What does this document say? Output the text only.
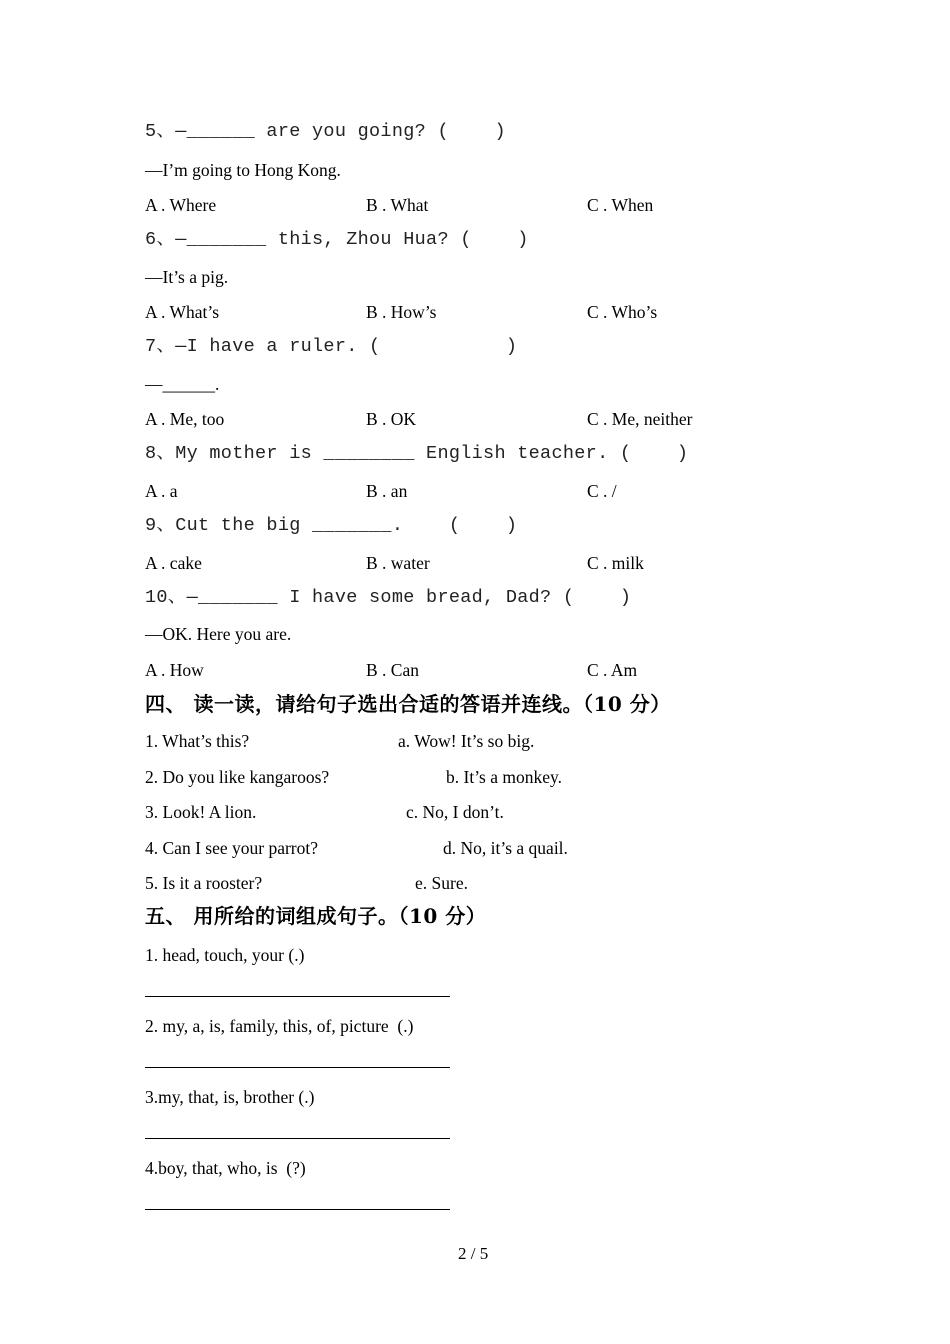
5、—______ are you going? (    )
—I’m going to Hong Kong.
A . Where	B . What	C . When
6、—_______ this, Zhou Hua? (    )
—It’s a pig.
A . What’s	B . How’s	C . Who’s
7、—I have a ruler. (           )
—______.
A . Me, too	B . OK	C . Me, neither
8、My mother is ________ English teacher. (    )
A . a	B . an	C . /
9、Cut the big _______.    (    )
A . cake	B . water	C . milk
10、—_______ I have some bread, Dad? (    )
—OK. Here you are.
A . How	B . Can	C . Am
四、 读一读，请给句子选出合适的答语并连线。（10 分）
1. What’s this?	a. Wow! It’s so big.
2. Do you like kangaroos?	b. It’s a monkey.
3. Look! A lion.	c. No, I don’t.
4. Can I see your parrot?	d. No, it’s a quail.
5. Is it a rooster?	e. Sure.
五、 用所给的词组成句子。（10 分）
1. head, touch, your (.)
2. my, a, is, family, this, of, picture  (.)
3.my, that, is, brother (.)
4.boy, that, who, is  (?)
2 / 5
